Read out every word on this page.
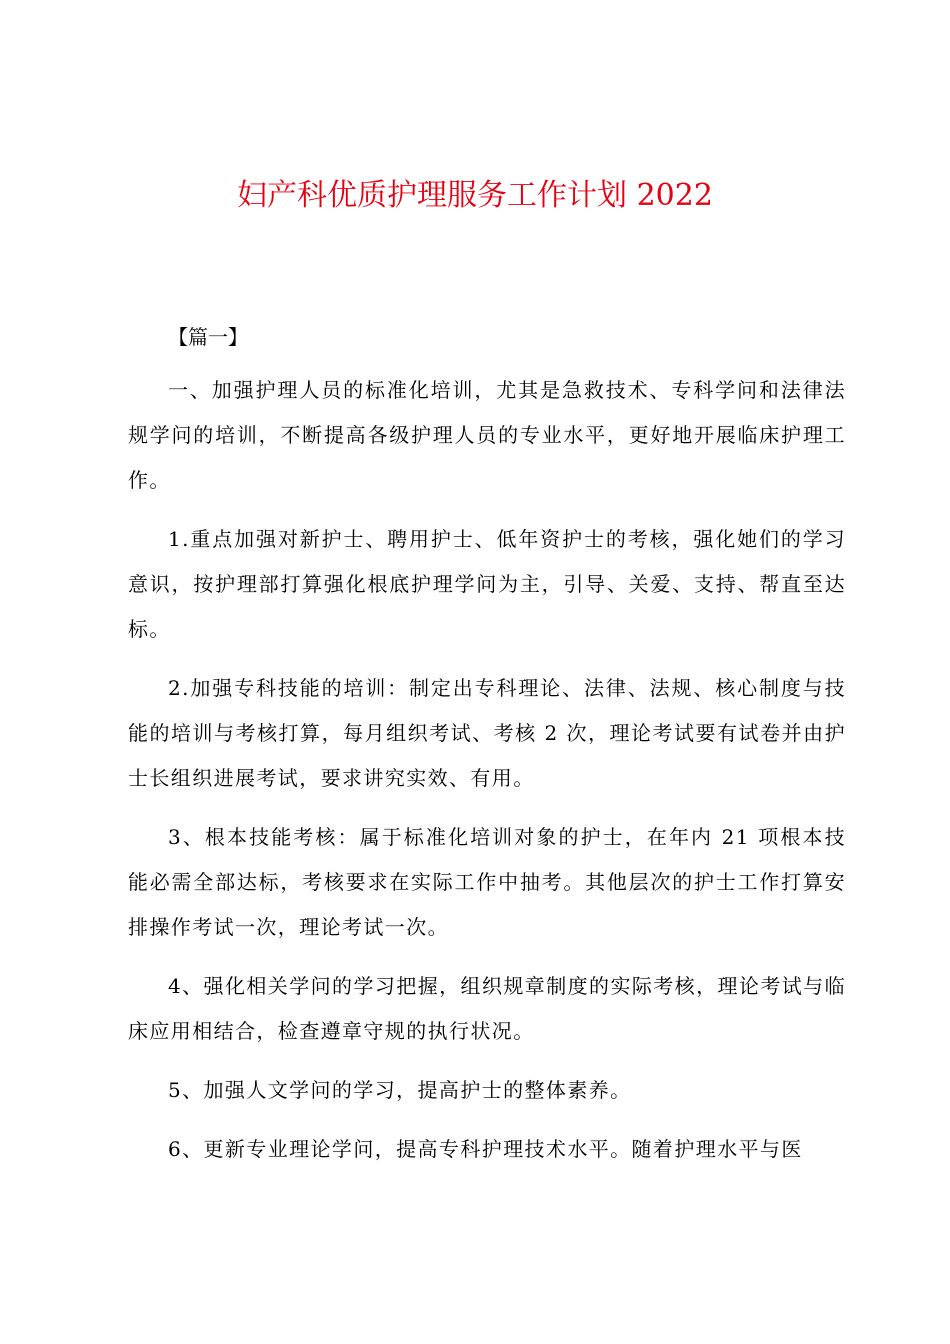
妇产科优质护理服务工作计划 2022

【篇一】

一、加强护理人员的标准化培训，尤其是急救技术、专科学问和法律法规学问的培训，不断提高各级护理人员的专业水平，更好地开展临床护理工作。

1.重点加强对新护士、聘用护士、低年资护士的考核，强化她们的学习意识，按护理部打算强化根底护理学问为主，引导、关爱、支持、帮直至达标。

2.加强专科技能的培训：制定出专科理论、法律、法规、核心制度与技能的培训与考核打算，每月组织考试、考核 2 次，理论考试要有试卷并由护士长组织进展考试，要求讲究实效、有用。

3、根本技能考核：属于标准化培训对象的护士，在年内 21 项根本技能必需全部达标，考核要求在实际工作中抽考。其他层次的护士工作打算安排操作考试一次，理论考试一次。

4、强化相关学问的学习把握，组织规章制度的实际考核，理论考试与临床应用相结合，检查遵章守规的执行状况。

5、加强人文学问的学习，提高护士的整体素养。

6、更新专业理论学问，提高专科护理技术水平。随着护理水平与医
